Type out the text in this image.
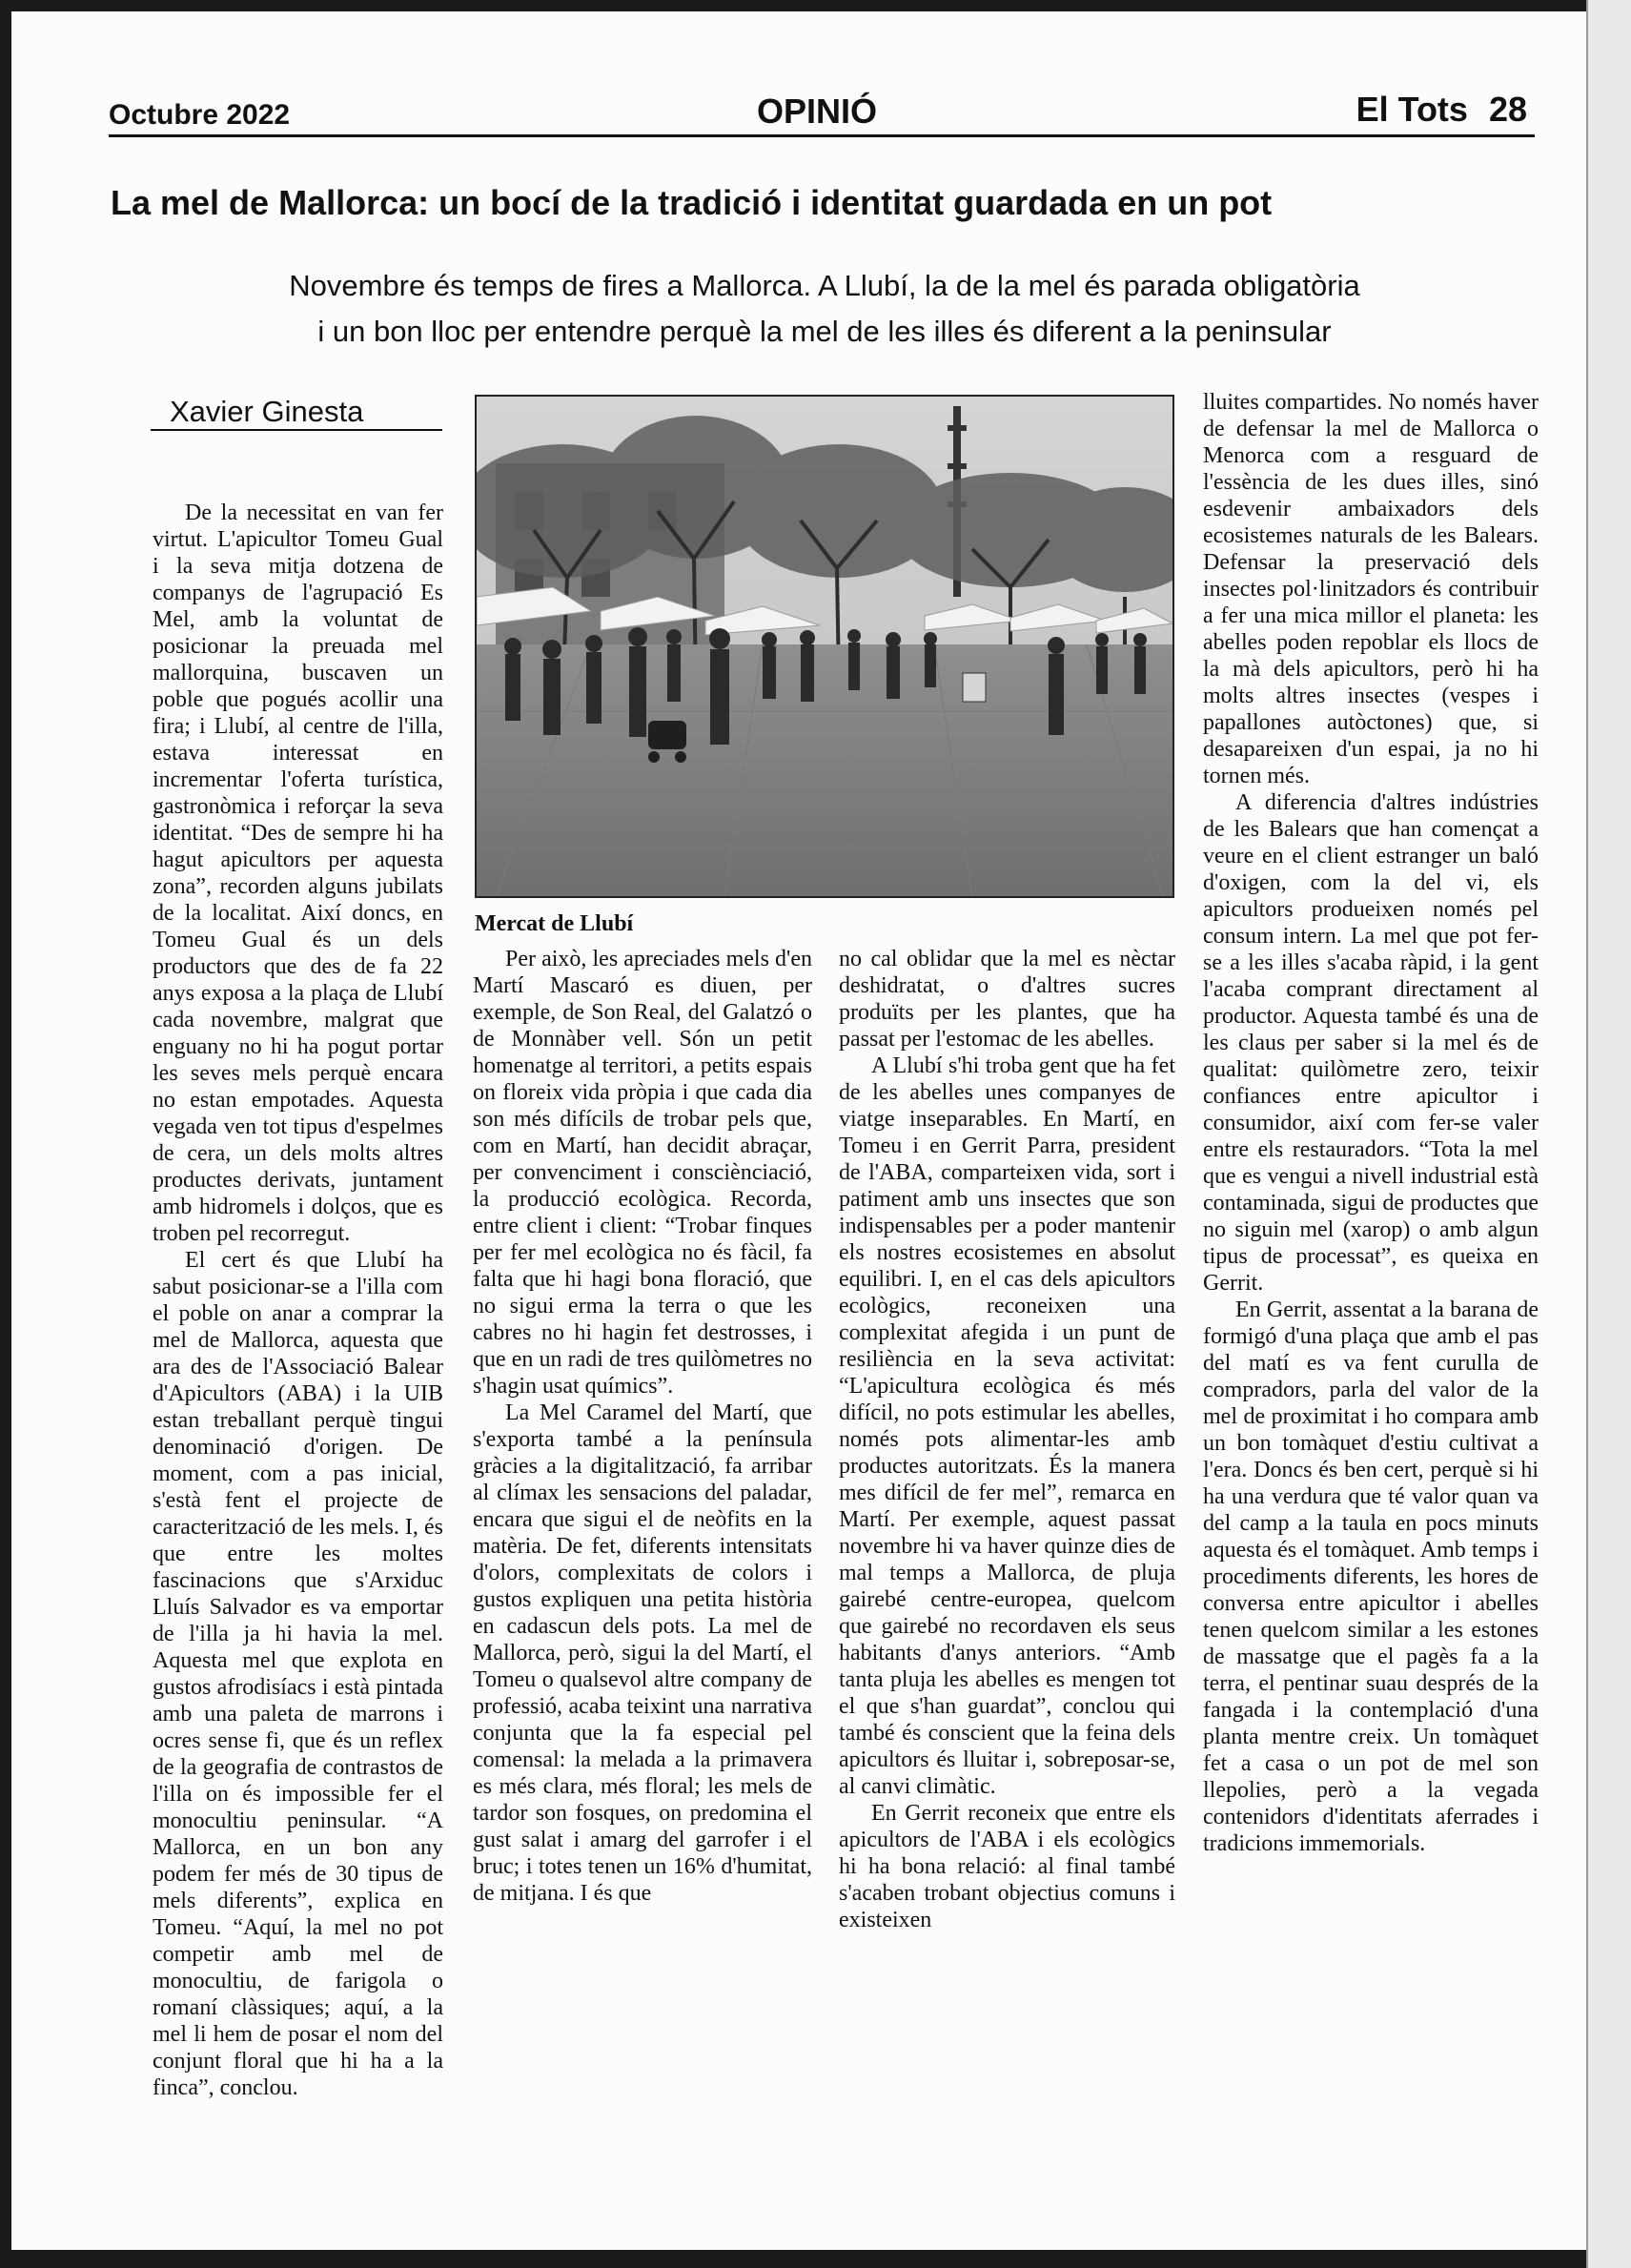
Octubre 2022	OPINIÓ	El Tots 28
La mel de Mallorca: un bocí de la tradició i identitat guardada en un pot
Novembre és temps de fires a Mallorca. A Llubí, la de la mel és parada obligatòria
i un bon lloc per entendre perquè la mel de les illes és diferent a la peninsular
Xavier Ginesta

De la necessitat en van fer virtut. L'apicultor Tomeu Gual i la seva mitja dotzena de companys de l'agrupació Es Mel, amb la voluntat de posicionar la preuada mel mallorquina, buscaven un poble que pogués acollir una fira; i Llubí, al centre de l'illa, estava interessat en incrementar l'oferta turística, gastronòmica i reforçar la seva identitat. “Des de sempre hi ha hagut apicultors per aquesta zona”, recorden alguns jubilats de la localitat. Així doncs, en Tomeu Gual és un dels productors que des de fa 22 anys exposa a la plaça de Llubí cada novembre, malgrat que enguany no hi ha pogut portar les seves mels perquè encara no estan empotades. Aquesta vegada ven tot tipus d'espelmes de cera, un dels molts altres productes derivats, juntament amb hidromels i dolços, que es troben pel recorregut.

El cert és que Llubí ha sabut posicionar-se a l'illa com el poble on anar a comprar la mel de Mallorca, aquesta que ara des de l'Associació Balear d'Apicultors (ABA) i la UIB estan treballant perquè tingui denominació d'origen. De moment, com a pas inicial, s'està fent el projecte de caracterització de les mels. I, és que entre les moltes fascinacions que s'Arxiduc Lluís Salvador es va emportar de l'illa ja hi havia la mel. Aquesta mel que explota en gustos afrodisíacs i està pintada amb una paleta de marrons i ocres sense fi, que és un reflex de la geografia de contrastos de l'illa on és impossible fer el monocultiu peninsular. “A Mallorca, en un bon any podem fer més de 30 tipus de mels diferents”, explica en Tomeu. “Aquí, la mel no pot competir amb mel de monocultiu, de farigola o romaní clàssiques; aquí, a la mel li hem de posar el nom del conjunt floral que hi ha a la finca”, conclou.

Mercat de Llubí

Per això, les apreciades mels d'en Martí Mascaró es diuen, per exemple, de Son Real, del Galatzó o de Monnàber vell. Són un petit homenatge al territori, a petits espais on floreix vida pròpia i que cada dia son més difícils de trobar pels que, com en Martí, han decidit abraçar, per convenciment i consciènciació, la producció ecològica. Recorda, entre client i client: “Trobar finques per fer mel ecològica no és fàcil, fa falta que hi hagi bona floració, que no sigui erma la terra o que les cabres no hi hagin fet destrosses, i que en un radi de tres quilòmetres no s'hagin usat químics”.

La Mel Caramel del Martí, que s'exporta també a la península gràcies a la digitalització, fa arribar al clímax les sensacions del paladar, encara que sigui el de neòfits en la matèria. De fet, diferents intensitats d'olors, complexitats de colors i gustos expliquen una petita història en cadascun dels pots. La mel de Mallorca, però, sigui la del Martí, el Tomeu o qualsevol altre company de professió, acaba teixint una narrativa conjunta que la fa especial pel comensal: la melada a la primavera es més clara, més floral; les mels de tardor son fosques, on predomina el gust salat i amarg del garrofer i el bruc; i totes tenen un 16% d'humitat, de mitjana. I és que

no cal oblidar que la mel es nèctar deshidratat, o d'altres sucres produïts per les plantes, que ha passat per l'estomac de les abelles.

A Llubí s'hi troba gent que ha fet de les abelles unes companyes de viatge inseparables. En Martí, en Tomeu i en Gerrit Parra, president de l'ABA, comparteixen vida, sort i patiment amb uns insectes que son indispensables per a poder mantenir els nostres ecosistemes en absolut equilibri. I, en el cas dels apicultors ecològics, reconeixen una complexitat afegida i un punt de resiliència en la seva activitat: “L'apicultura ecològica és més difícil, no pots estimular les abelles, només pots alimentar-les amb productes autoritzats. És la manera mes difícil de fer mel”, remarca en Martí. Per exemple, aquest passat novembre hi va haver quinze dies de mal temps a Mallorca, de pluja gairebé centre-europea, quelcom que gairebé no recordaven els seus habitants d'anys anteriors. “Amb tanta pluja les abelles es mengen tot el que s'han guardat”, conclou qui també és conscient que la feina dels apicultors és lluitar i, sobreposar-se, al canvi climàtic.

En Gerrit reconeix que entre els apicultors de l'ABA i els ecològics hi ha bona relació: al final també s'acaben trobant objectius comuns i existeixen

lluites compartides. No només haver de defensar la mel de Mallorca o Menorca com a resguard de l'essència de les dues illes, sinó esdevenir ambaixadors dels ecosistemes naturals de les Balears. Defensar la preservació dels insectes pol·linitzadors és contribuir a fer una mica millor el planeta: les abelles poden repoblar els llocs de la mà dels apicultors, però hi ha molts altres insectes (vespes i papallones autòctones) que, si desapareixen d'un espai, ja no hi tornen més.

A diferencia d'altres indústries de les Balears que han començat a veure en el client estranger un baló d'oxigen, com la del vi, els apicultors produeixen només pel consum intern. La mel que pot fer-se a les illes s'acaba ràpid, i la gent l'acaba comprant directament al productor. Aquesta també és una de les claus per saber si la mel és de qualitat: quilòmetre zero, teixir confiances entre apicultor i consumidor, així com fer-se valer entre els restauradors. “Tota la mel que es vengui a nivell industrial està contaminada, sigui de productes que no siguin mel (xarop) o amb algun tipus de processat”, es queixa en Gerrit.

En Gerrit, assentat a la barana de formigó d'una plaça que amb el pas del matí es va fent curulla de compradors, parla del valor de la mel de proximitat i ho compara amb un bon tomàquet d'estiu cultivat a l'era. Doncs és ben cert, perquè si hi ha una verdura que té valor quan va del camp a la taula en pocs minuts aquesta és el tomàquet. Amb temps i procediments diferents, les hores de conversa entre apicultor i abelles tenen quelcom similar a les estones de massatge que el pagès fa a la terra, el pentinar suau després de la fangada i la contemplació d'una planta mentre creix. Un tomàquet fet a casa o un pot de mel son llepolies, però a la vegada contenidors d'identitats aferrades i tradicions immemorials.
